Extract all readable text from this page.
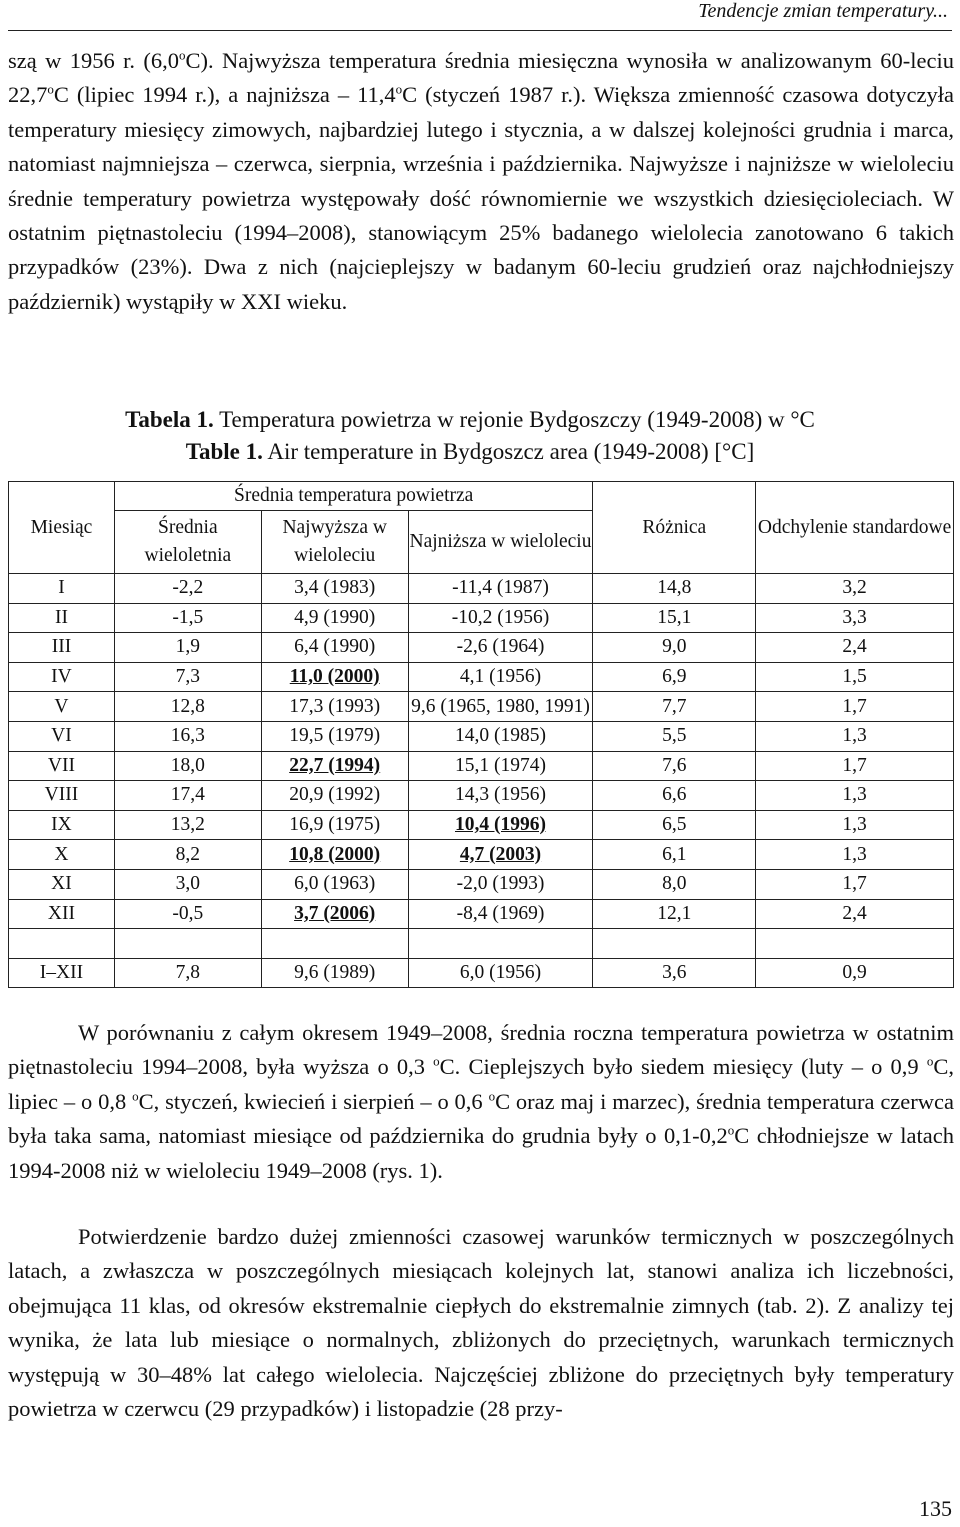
Tendencje zmian temperatury...

szą w 1956 r. (6,0$^o$C). Najwyższa temperatura średnia miesięczna wynosiła w analizowanym 60-leciu 22,7$^o$C (lipiec 1994 r.), a najniższa – 11,4$^o$C (styczeń 1987 r.). Większa zmienność czasowa dotyczyła temperatury miesięcy zimowych, najbardziej lutego i stycznia, a w dalszej kolejności grudnia i marca, natomiast najmniejsza – czerwca, sierpnia, września i października. Najwyższe i najniższe w wieloleciu średnie temperatury powietrza występowały dość równomiernie we wszystkich dziesięcioleciach. W ostatnim piętnastoleciu (1994–2008), stanowiącym 25% badanego wielolecia zanotowano 6 takich przypadków (23%). Dwa z nich (najcieplejszy w badanym 60-leciu grudzień oraz najchłodniejszy październik) wystąpiły w XXI wieku.

Tabela 1. Temperatura powietrza w rejonie Bydgoszczy (1949-2008) w °C
Table 1. Air temperature in Bydgoszcz area (1949-2008) [°C]
Miesiąc	Średnia temperatura powietrza			Różnica	Odchylenie standardowe
	Średnia wieloletnia	Najwyższa w wieloleciu	Najniższa w wieloleciu		
I	-2,2	3,4 (1983)	-11,4 (1987)	14,8	3,2
II	-1,5	4,9 (1990)	-10,2 (1956)	15,1	3,3
III	1,9	6,4 (1990)	-2,6 (1964)	9,0	2,4
IV	7,3	11,0 (2000)	4,1 (1956)	6,9	1,5
V	12,8	17,3 (1993)	9,6 (1965, 1980, 1991)	7,7	1,7
VI	16,3	19,5 (1979)	14,0 (1985)	5,5	1,3
VII	18,0	22,7 (1994)	15,1 (1974)	7,6	1,7
VIII	17,4	20,9 (1992)	14,3 (1956)	6,6	1,3
IX	13,2	16,9 (1975)	10,4 (1996)	6,5	1,3
X	8,2	10,8 (2000)	4,7 (2003)	6,1	1,3
XI	3,0	6,0 (1963)	-2,0 (1993)	8,0	1,7
XII	-0,5	3,7 (2006)	-8,4 (1969)	12,1	2,4

I–XII	7,8	9,6 (1989)	6,0 (1956)	3,6	0,9

W porównaniu z całym okresem 1949–2008, średnia roczna temperatura powietrza w ostatnim piętnastoleciu 1994–2008, była wyższa o 0,3 $^o$C. Cieplejszych było siedem miesięcy (luty – o 0,9 $^o$C, lipiec – o 0,8 $^o$C, styczeń, kwiecień i sierpień – o 0,6 $^o$C oraz maj i marzec), średnia temperatura czerwca była taka sama, natomiast miesiące od października do grudnia były o 0,1-0,2$^o$C chłodniejsze w latach 1994-2008 niż w wieloleciu 1949–2008 (rys. 1).

Potwierdzenie bardzo dużej zmienności czasowej warunków termicznych w poszczególnych latach, a zwłaszcza w poszczególnych miesiącach kolejnych lat, stanowi analiza ich liczebności, obejmująca 11 klas, od okresów ekstremalnie ciepłych do ekstremalnie zimnych (tab. 2). Z analizy tej wynika, że lata lub miesiące o normalnych, zbliżonych do przeciętnych, warunkach termicznych występują w 30–48% lat całego wielolecia. Najczęściej zbliżone do przeciętnych były temperatury powietrza w czerwcu (29 przypadków) i listopadzie (28 przy-

135
